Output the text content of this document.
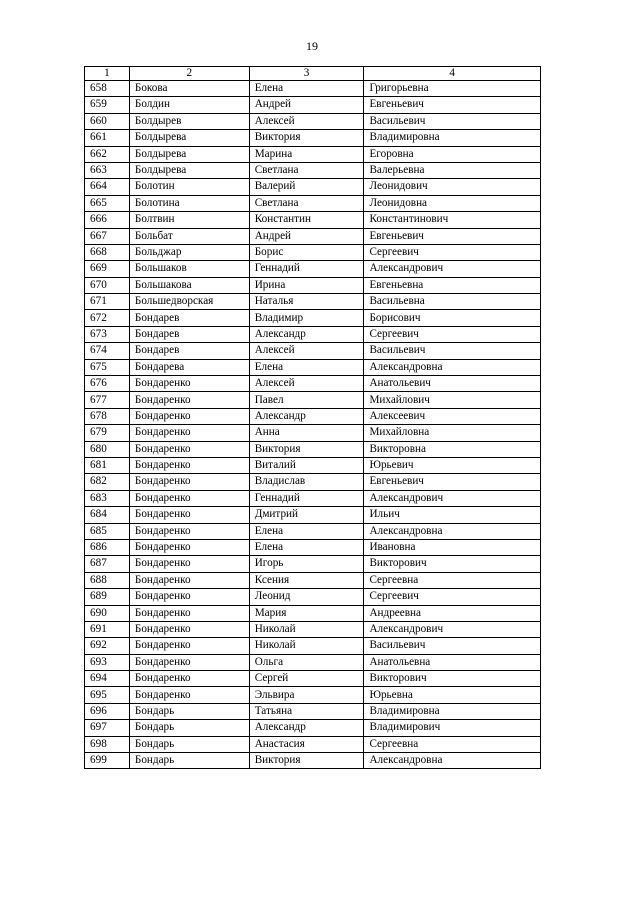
19
1	2	3	4
658	Бокова	Елена	Григорьевна
659	Болдин	Андрей	Евгеньевич
660	Болдырев	Алексей	Васильевич
661	Болдырева	Виктория	Владимировна
662	Болдырева	Марина	Егоровна
663	Болдырева	Светлана	Валерьевна
664	Болотин	Валерий	Леонидович
665	Болотина	Светлана	Леонидовна
666	Болтвин	Константин	Константинович
667	Больбат	Андрей	Евгеньевич
668	Больджар	Борис	Сергеевич
669	Большаков	Геннадий	Александрович
670	Большакова	Ирина	Евгеньевна
671	Большедворская	Наталья	Васильевна
672	Бондарев	Владимир	Борисович
673	Бондарев	Александр	Сергеевич
674	Бондарев	Алексей	Васильевич
675	Бондарева	Елена	Александровна
676	Бондаренко	Алексей	Анатольевич
677	Бондаренко	Павел	Михайлович
678	Бондаренко	Александр	Алексеевич
679	Бондаренко	Анна	Михайловна
680	Бондаренко	Виктория	Викторовна
681	Бондаренко	Виталий	Юрьевич
682	Бондаренко	Владислав	Евгеньевич
683	Бондаренко	Геннадий	Александрович
684	Бондаренко	Дмитрий	Ильич
685	Бондаренко	Елена	Александровна
686	Бондаренко	Елена	Ивановна
687	Бондаренко	Игорь	Викторович
688	Бондаренко	Ксения	Сергеевна
689	Бондаренко	Леонид	Сергеевич
690	Бондаренко	Мария	Андреевна
691	Бондаренко	Николай	Александрович
692	Бондаренко	Николай	Васильевич
693	Бондаренко	Ольга	Анатольевна
694	Бондаренко	Сергей	Викторович
695	Бондаренко	Эльвира	Юрьевна
696	Бондарь	Татьяна	Владимировна
697	Бондарь	Александр	Владимирович
698	Бондарь	Анастасия	Сергеевна
699	Бондарь	Виктория	Александровна
